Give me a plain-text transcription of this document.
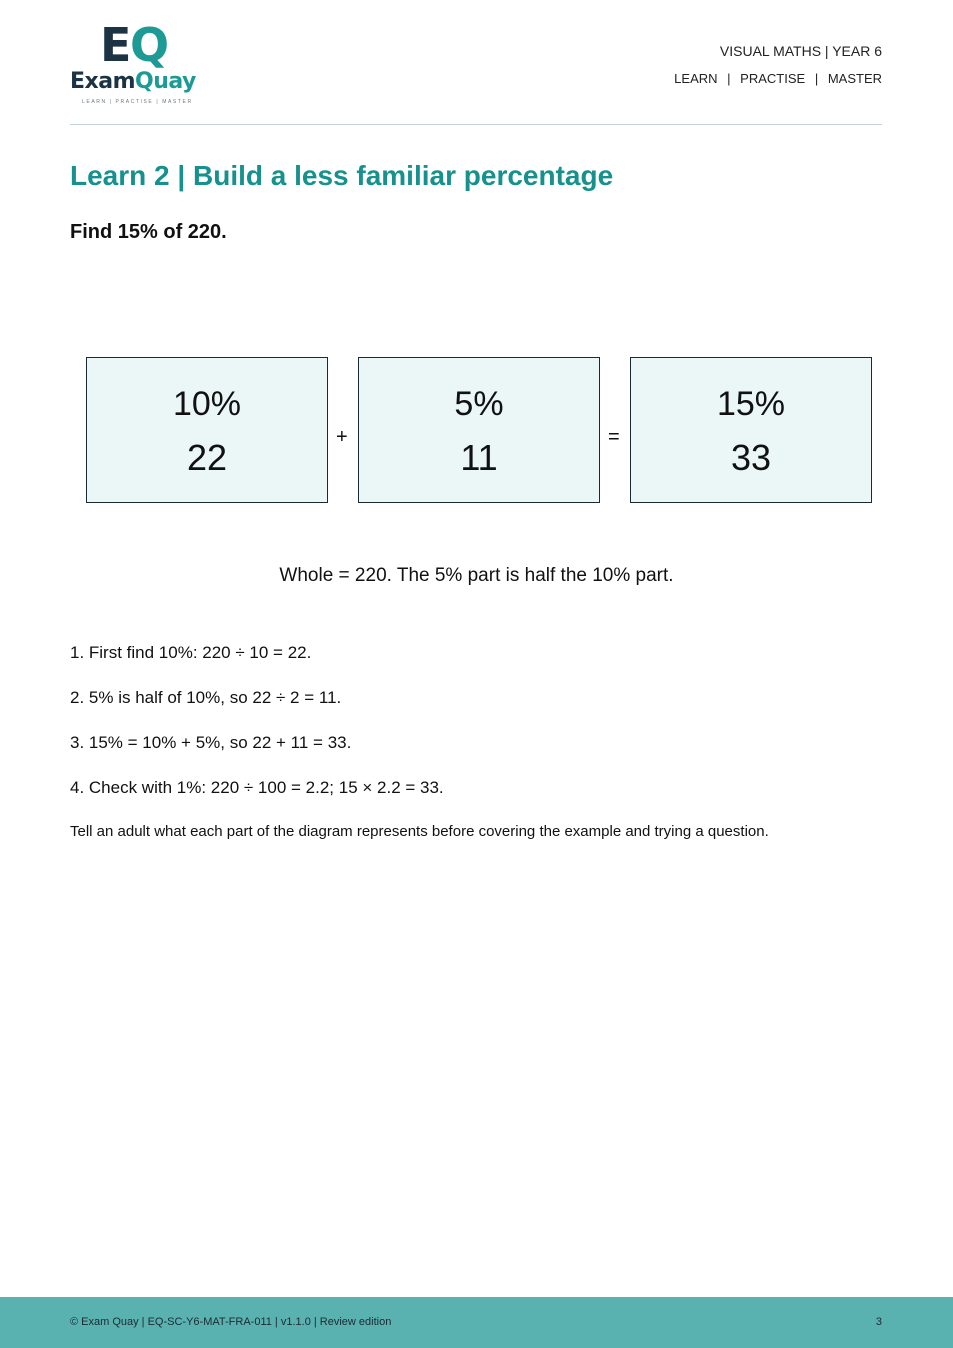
E Q
ExamQuay
LEARN | PRACTISE | MASTER
VISUAL MATHS | YEAR 6
LEARN | PRACTISE | MASTER
Learn 2 | Build a less familiar percentage
Find 15% of 220.
10%
22	+
5%
11	=
15%
33
Whole = 220. The 5% part is half the 10% part.
1. First find 10%: 220 ÷ 10 = 22.
2. 5% is half of 10%, so 22 ÷ 2 = 11.
3. 15% = 10% + 5%, so 22 + 11 = 33.
4. Check with 1%: 220 ÷ 100 = 2.2; 15 × 2.2 = 33.
Tell an adult what each part of the diagram represents before covering the example and trying a question.
© Exam Quay | EQ-SC-Y6-MAT-FRA-011 | v1.1.0 | Review edition	3
